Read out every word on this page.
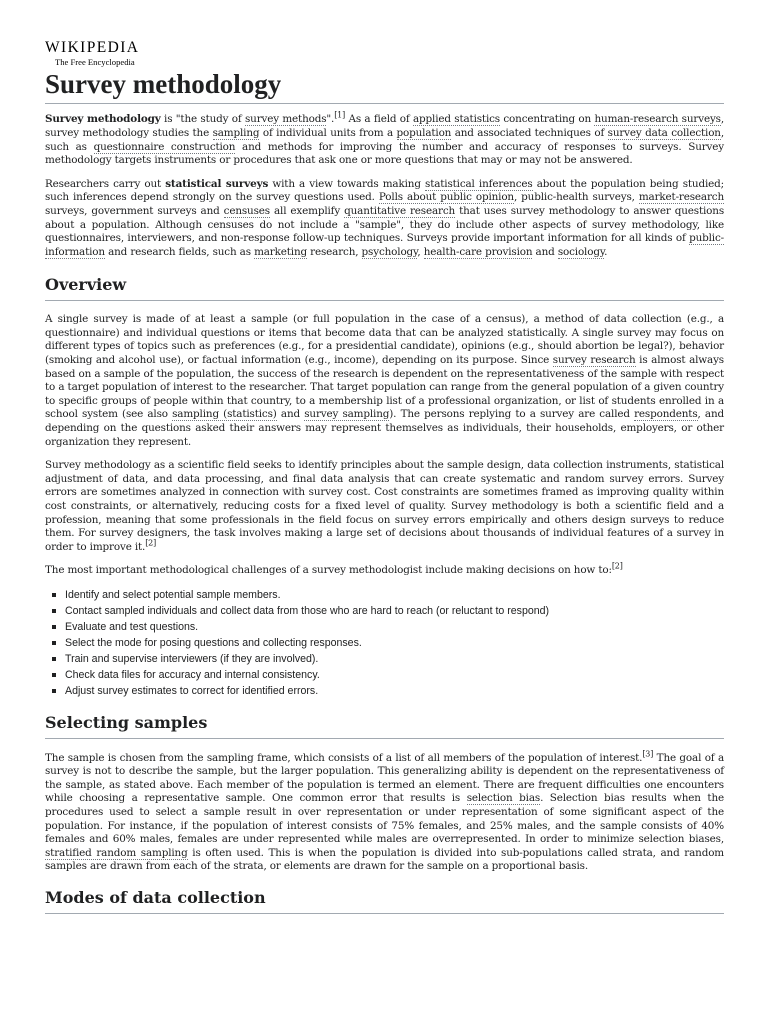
WIKIPEDIA
The Free Encyclopedia
Survey methodology

Survey methodology is "the study of survey methods".[1] As a field of applied statistics concentrating on human-research surveys, survey methodology studies the sampling of individual units from a population and associated techniques of survey data collection, such as questionnaire construction and methods for improving the number and accuracy of responses to surveys. Survey methodology targets instruments or procedures that ask one or more questions that may or may not be answered.

Researchers carry out statistical surveys with a view towards making statistical inferences about the population being studied; such inferences depend strongly on the survey questions used. Polls about public opinion, public-health surveys, market-research surveys, government surveys and censuses all exemplify quantitative research that uses survey methodology to answer questions about a population. Although censuses do not include a "sample", they do include other aspects of survey methodology, like questionnaires, interviewers, and non-response follow-up techniques. Surveys provide important information for all kinds of public-information and research fields, such as marketing research, psychology, health-care provision and sociology.

Overview

A single survey is made of at least a sample (or full population in the case of a census), a method of data collection (e.g., a questionnaire) and individual questions or items that become data that can be analyzed statistically. A single survey may focus on different types of topics such as preferences (e.g., for a presidential candidate), opinions (e.g., should abortion be legal?), behavior (smoking and alcohol use), or factual information (e.g., income), depending on its purpose. Since survey research is almost always based on a sample of the population, the success of the research is dependent on the representativeness of the sample with respect to a target population of interest to the researcher. That target population can range from the general population of a given country to specific groups of people within that country, to a membership list of a professional organization, or list of students enrolled in a school system (see also sampling (statistics) and survey sampling). The persons replying to a survey are called respondents, and depending on the questions asked their answers may represent themselves as individuals, their households, employers, or other organization they represent.

Survey methodology as a scientific field seeks to identify principles about the sample design, data collection instruments, statistical adjustment of data, and data processing, and final data analysis that can create systematic and random survey errors. Survey errors are sometimes analyzed in connection with survey cost. Cost constraints are sometimes framed as improving quality within cost constraints, or alternatively, reducing costs for a fixed level of quality. Survey methodology is both a scientific field and a profession, meaning that some professionals in the field focus on survey errors empirically and others design surveys to reduce them. For survey designers, the task involves making a large set of decisions about thousands of individual features of a survey in order to improve it.[2]

The most important methodological challenges of a survey methodologist include making decisions on how to:[2]

Identify and select potential sample members.
Contact sampled individuals and collect data from those who are hard to reach (or reluctant to respond)
Evaluate and test questions.
Select the mode for posing questions and collecting responses.
Train and supervise interviewers (if they are involved).
Check data files for accuracy and internal consistency.
Adjust survey estimates to correct for identified errors.
Selecting samples

The sample is chosen from the sampling frame, which consists of a list of all members of the population of interest.[3] The goal of a survey is not to describe the sample, but the larger population. This generalizing ability is dependent on the representativeness of the sample, as stated above. Each member of the population is termed an element. There are frequent difficulties one encounters while choosing a representative sample. One common error that results is selection bias. Selection bias results when the procedures used to select a sample result in over representation or under representation of some significant aspect of the population. For instance, if the population of interest consists of 75% females, and 25% males, and the sample consists of 40% females and 60% males, females are under represented while males are overrepresented. In order to minimize selection biases, stratified random sampling is often used. This is when the population is divided into sub-populations called strata, and random samples are drawn from each of the strata, or elements are drawn for the sample on a proportional basis.

Modes of data collection
